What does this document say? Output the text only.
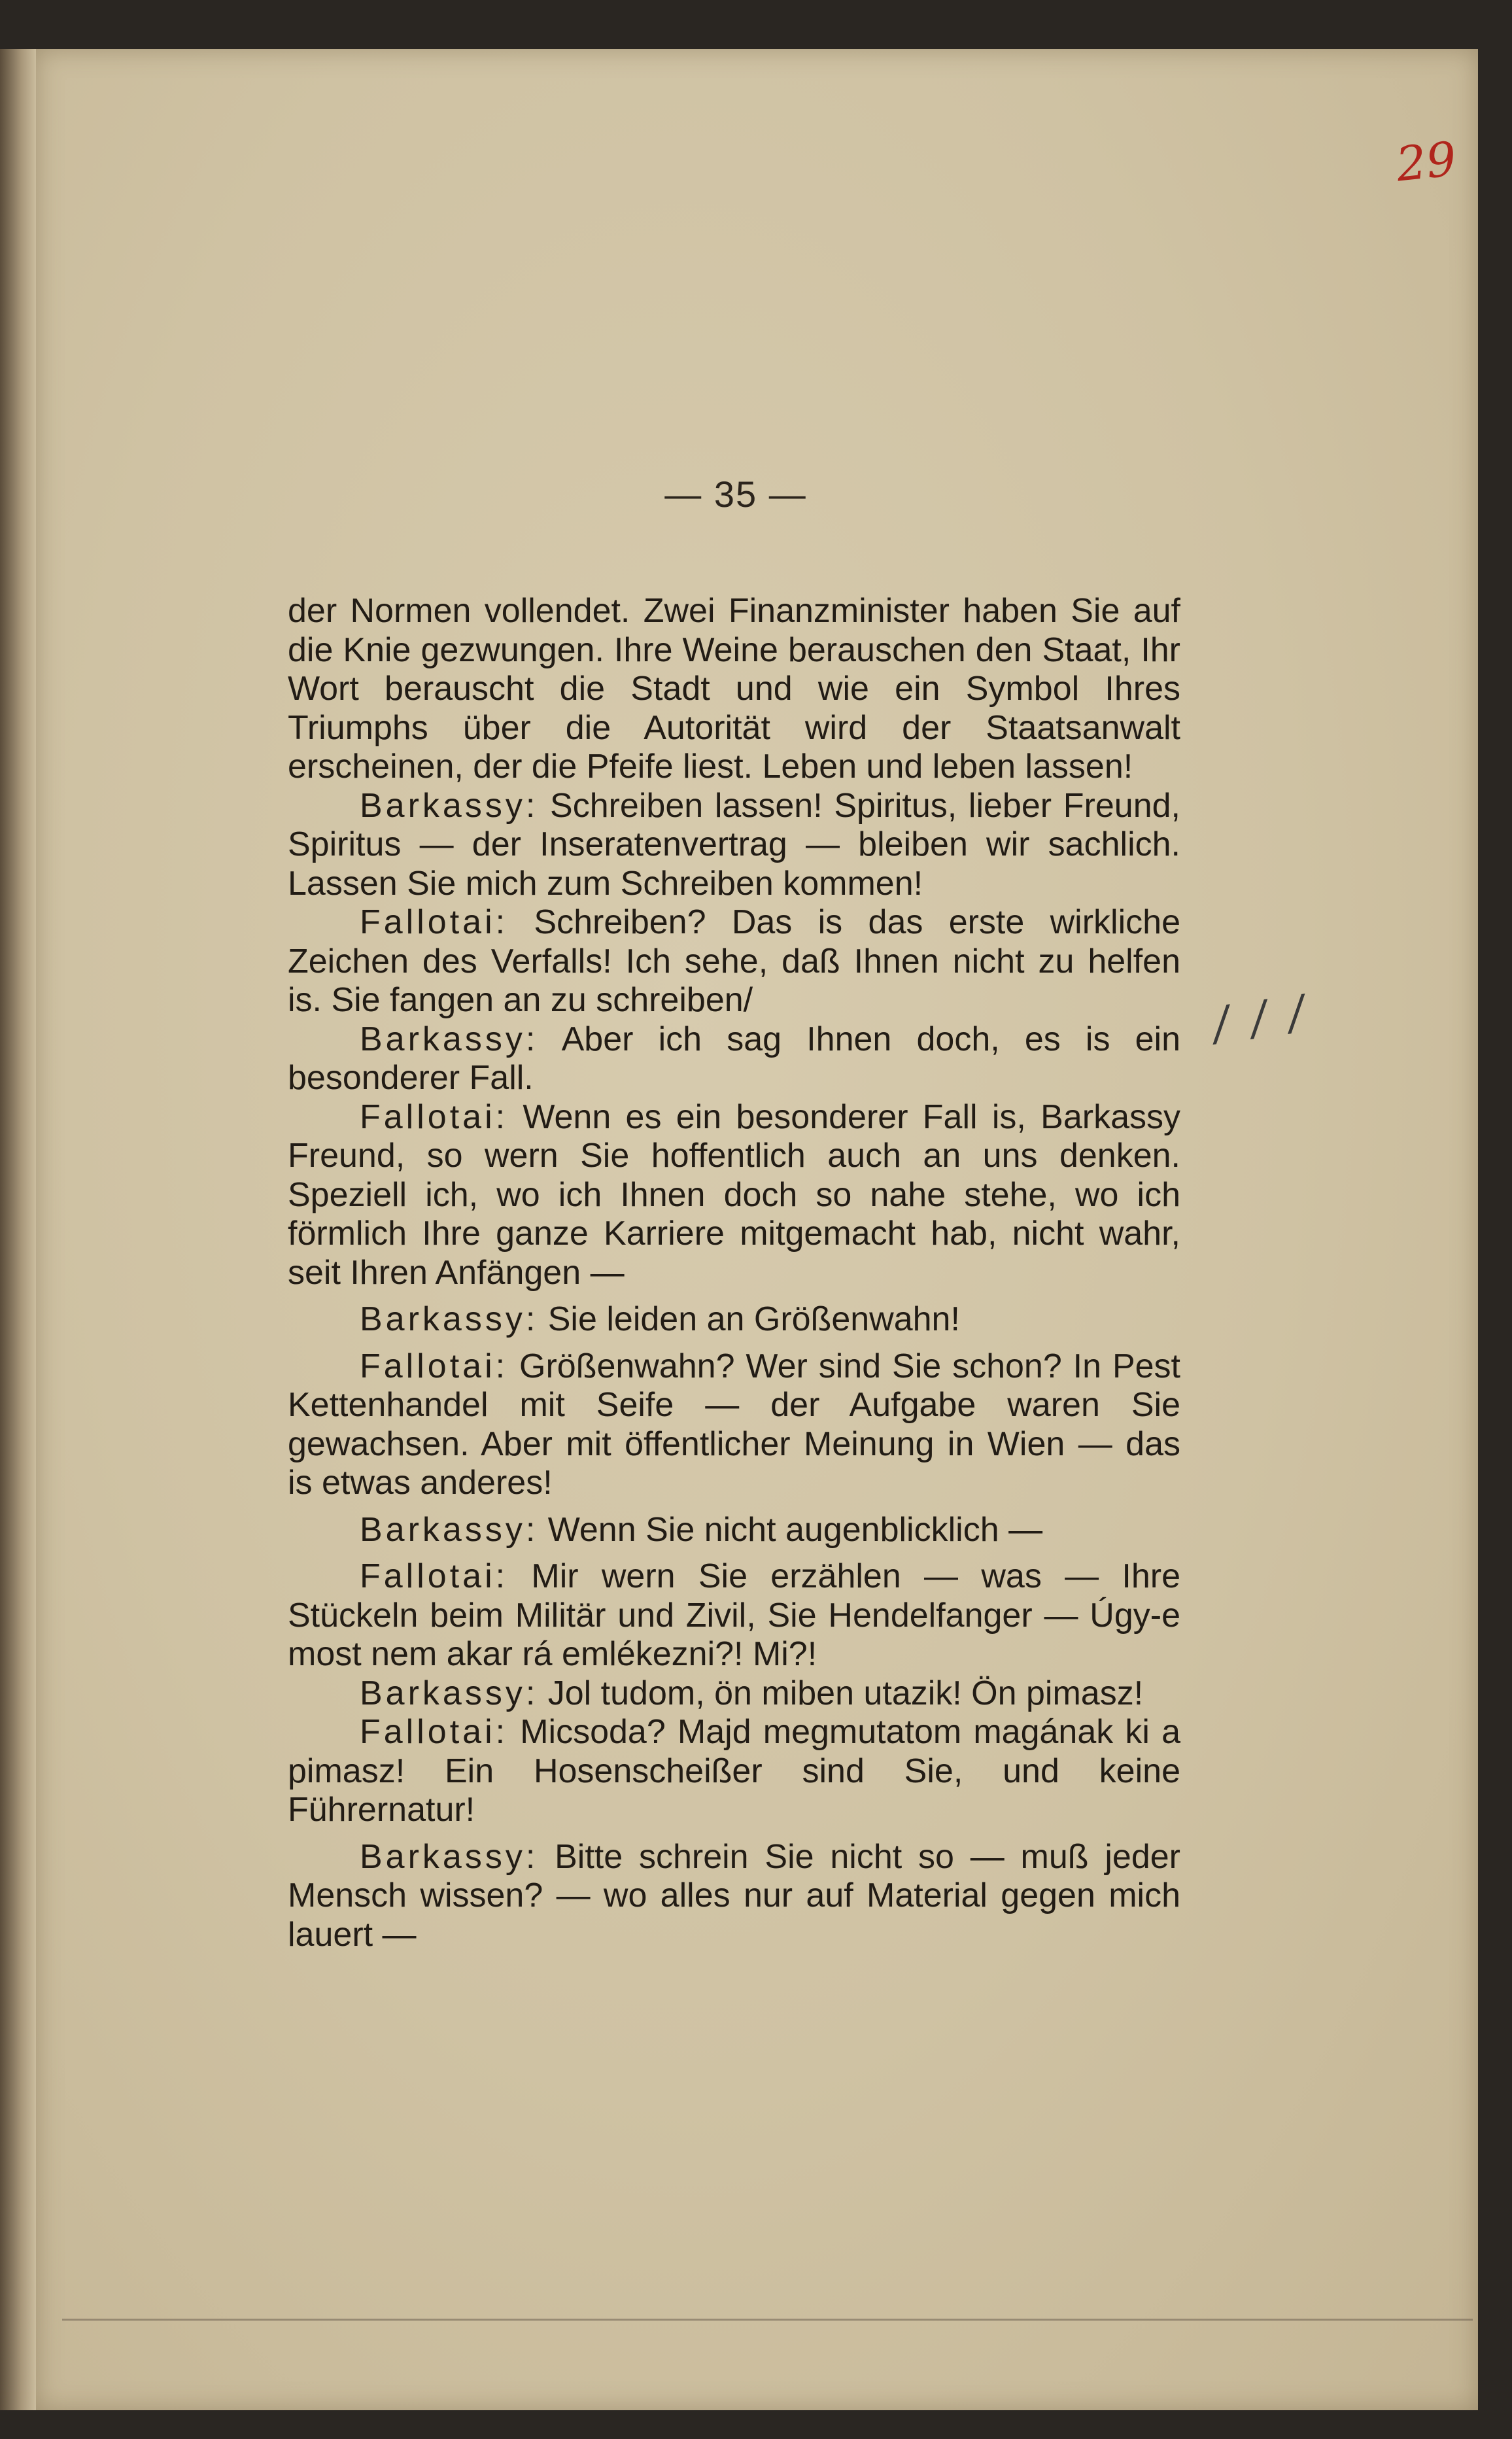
29
— 35 —
/ / /

der Normen vollendet. Zwei Finanzminister haben Sie auf die Knie gezwungen. Ihre Weine berauschen den Staat, Ihr Wort berauscht die Stadt und wie ein Symbol Ihres Triumphs über die Autorität wird der Staatsanwalt erscheinen, der die Pfeife liest. Leben und leben lassen!

Barkassy: Schreiben lassen! Spiritus, lieber Freund, Spiritus — der Inseratenvertrag — bleiben wir sachlich. Lassen Sie mich zum Schreiben kommen!

Fallotai: Schreiben? Das is das erste wirkliche Zeichen des Verfalls! Ich sehe, daß Ihnen nicht zu helfen is. Sie fangen an zu schreiben/

Barkassy: Aber ich sag Ihnen doch, es is ein besonderer Fall.

Fallotai: Wenn es ein besonderer Fall is, Barkassy Freund, so wern Sie hoffentlich auch an uns denken. Speziell ich, wo ich Ihnen doch so nahe stehe, wo ich förmlich Ihre ganze Karriere mitgemacht hab, nicht wahr, seit Ihren Anfängen —

Barkassy: Sie leiden an Größenwahn!

Fallotai: Größenwahn? Wer sind Sie schon? In Pest Kettenhandel mit Seife — der Aufgabe waren Sie gewachsen. Aber mit öffentlicher Meinung in Wien — das is etwas anderes!

Barkassy: Wenn Sie nicht augenblicklich —

Fallotai: Mir wern Sie erzählen — was — Ihre Stückeln beim Militär und Zivil, Sie Hendelfanger — Úgy-e most nem akar rá emlékezni?! Mi?!

Barkassy: Jol tudom, ön miben utazik! Ön pimasz!

Fallotai: Micsoda? Majd megmutatom magának ki a pimasz! Ein Hosenscheißer sind Sie, und keine Führernatur!

Barkassy: Bitte schrein Sie nicht so — muß jeder Mensch wissen? — wo alles nur auf Material gegen mich lauert —
